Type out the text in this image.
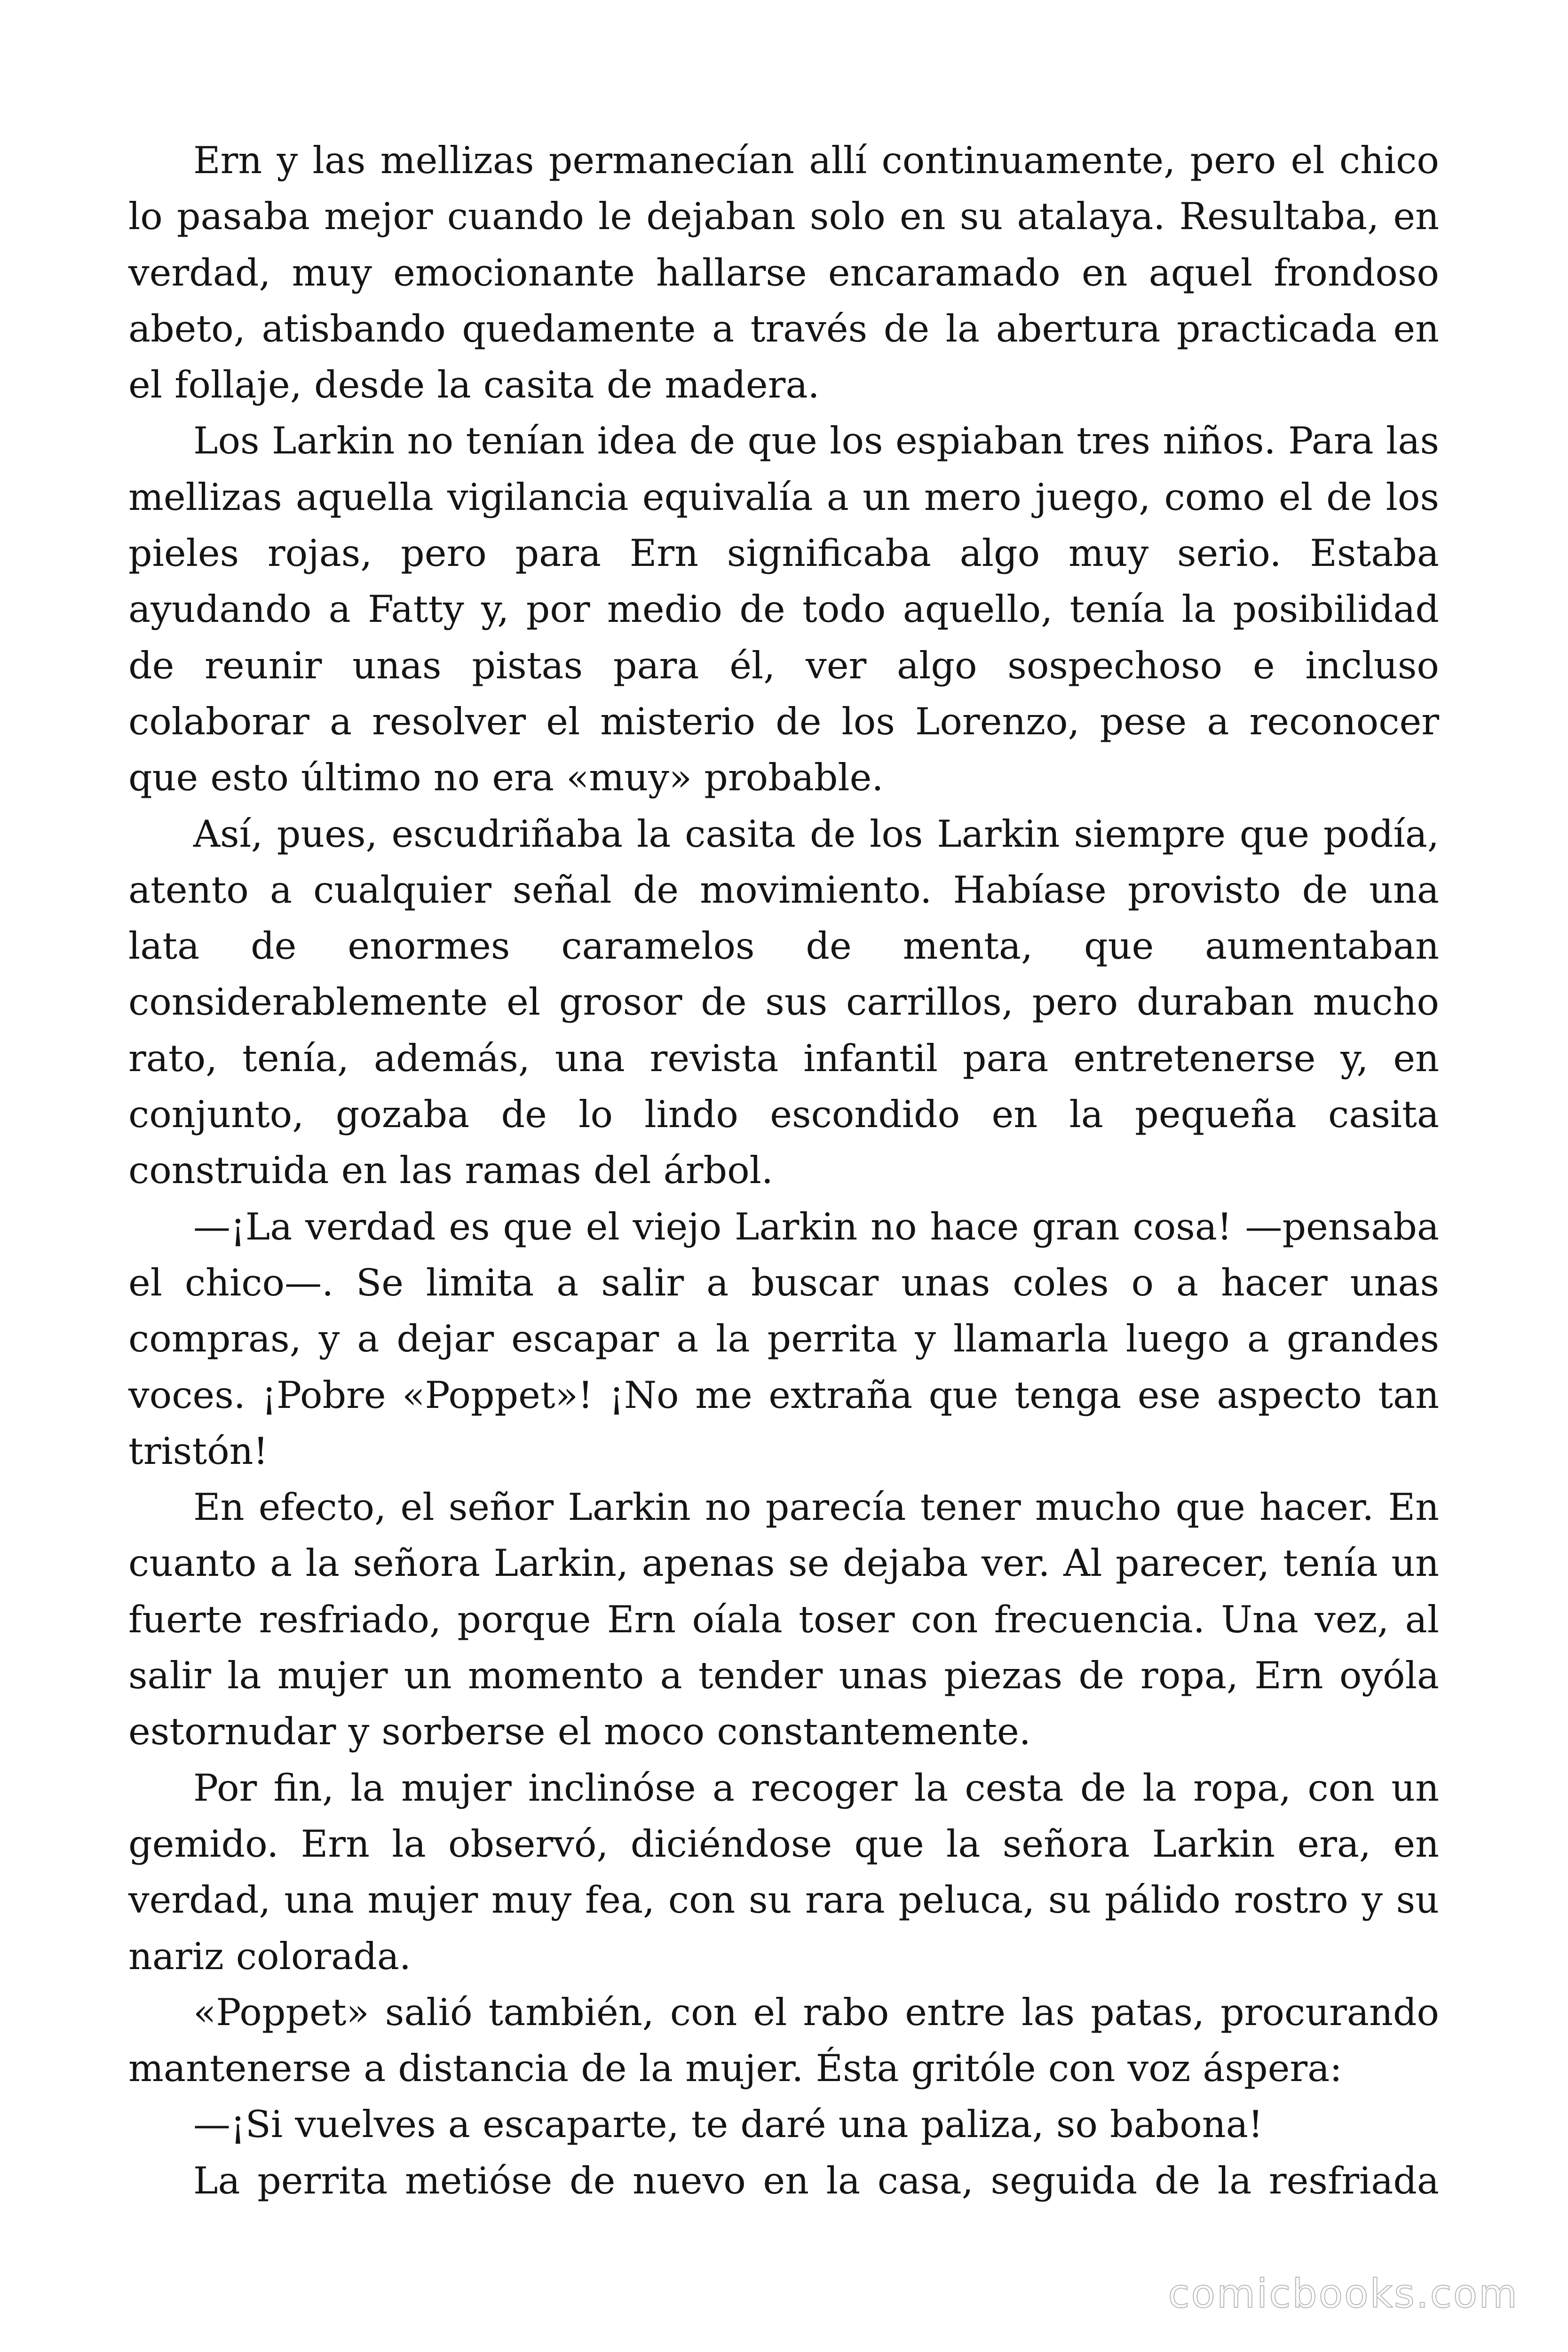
Ern y las mellizas permanecían allí continuamente, pero el chico lo pasaba mejor cuando le dejaban solo en su atalaya. Resultaba, en verdad, muy emocionante hallarse encaramado en aquel frondoso abeto, atisbando quedamente a través de la abertura practicada en el follaje, desde la casita de madera.

Los Larkin no tenían idea de que los espiaban tres niños. Para las mellizas aquella vigilancia equivalía a un mero juego, como el de los pieles rojas, pero para Ern significaba algo muy serio. Estaba ayudando a Fatty y, por medio de todo aquello, tenía la posibilidad de reunir unas pistas para él, ver algo sospechoso e incluso colaborar a resolver el misterio de los Lorenzo, pese a reconocer que esto último no era «muy» probable.

Así, pues, escudriñaba la casita de los Larkin siempre que podía, atento a cualquier señal de movimiento. Habíase provisto de una lata de enormes caramelos de menta, que aumentaban considerablemente el grosor de sus carrillos, pero duraban mucho rato, tenía, además, una revista infantil para entretenerse y, en conjunto, gozaba de lo lindo escondido en la pequeña casita construida en las ramas del árbol.

—¡La verdad es que el viejo Larkin no hace gran cosa! —pensaba el chico—. Se limita a salir a buscar unas coles o a hacer unas compras, y a dejar escapar a la perrita y llamarla luego a grandes voces. ¡Pobre «Poppet»! ¡No me extraña que tenga ese aspecto tan tristón!

En efecto, el señor Larkin no parecía tener mucho que hacer. En cuanto a la señora Larkin, apenas se dejaba ver. Al parecer, tenía un fuerte resfriado, porque Ern oíala toser con frecuencia. Una vez, al salir la mujer un momento a tender unas piezas de ropa, Ern oyóla estornudar y sorberse el moco constantemente.

Por fin, la mujer inclinóse a recoger la cesta de la ropa, con un gemido. Ern la observó, diciéndose que la señora Larkin era, en verdad, una mujer muy fea, con su rara peluca, su pálido rostro y su nariz colorada.

«Poppet» salió también, con el rabo entre las patas, procurando mantenerse a distancia de la mujer. Ésta gritóle con voz áspera:

—¡Si vuelves a escaparte, te daré una paliza, so babona!

La perrita metióse de nuevo en la casa, seguida de la resfriada

comicbooks.com
